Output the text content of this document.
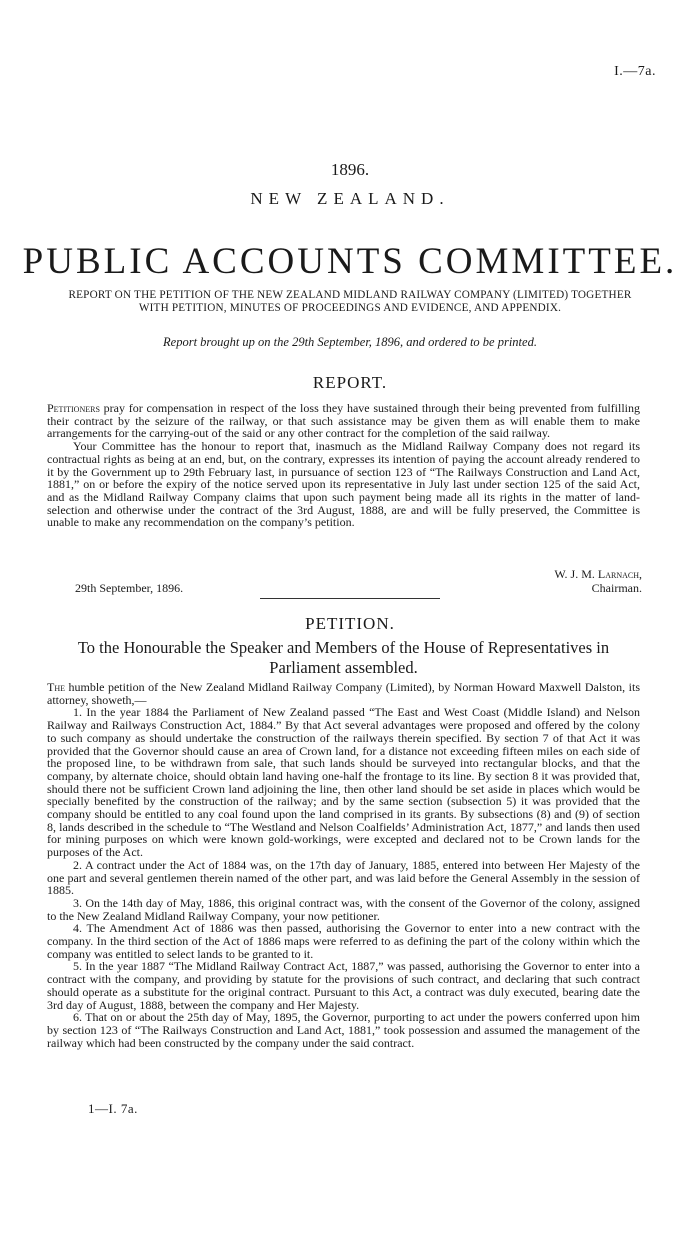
I.—7a.
1896.
NEW ZEALAND.
PUBLIC ACCOUNTS COMMITTEE.
REPORT ON THE PETITION OF THE NEW ZEALAND MIDLAND RAILWAY COMPANY (LIMITED) TOGETHER WITH PETITION, MINUTES OF PROCEEDINGS AND EVIDENCE, AND APPENDIX.
Report brought up on the 29th September, 1896, and ordered to be printed.
REPORT.

Petitioners pray for compensation in respect of the loss they have sustained through their being prevented from fulfilling their contract by the seizure of the railway, or that such assistance may be given them as will enable them to make arrangements for the carrying-out of the said or any other contract for the completion of the said railway.

Your Committee has the honour to report that, inasmuch as the Midland Railway Company does not regard its contractual rights as being at an end, but, on the contrary, expresses its intention of paying the account already rendered to it by the Government up to 29th February last, in pursuance of section 123 of “The Railways Construction and Land Act, 1881,” on or before the expiry of the notice served upon its representative in July last under section 125 of the said Act, and as the Midland Railway Company claims that upon such payment being made all its rights in the matter of land-selection and otherwise under the contract of the 3rd August, 1888, are and will be fully preserved, the Committee is unable to make any recommendation on the company’s petition.

W. J. M. Larnach,
29th September, 1896.	Chairman.
PETITION.
To the Honourable the Speaker and Members of the House of Representatives in Parliament assembled.

The humble petition of the New Zealand Midland Railway Company (Limited), by Norman Howard Maxwell Dalston, its attorney, showeth,—

1. In the year 1884 the Parliament of New Zealand passed “The East and West Coast (Middle Island) and Nelson Railway and Railways Construction Act, 1884.” By that Act several advantages were proposed and offered by the colony to such company as should undertake the construction of the railways therein specified. By section 7 of that Act it was provided that the Governor should cause an area of Crown land, for a distance not exceeding fifteen miles on each side of the proposed line, to be withdrawn from sale, that such lands should be surveyed into rectangular blocks, and that the company, by alternate choice, should obtain land having one-half the frontage to its line. By section 8 it was provided that, should there not be sufficient Crown land adjoining the line, then other land should be set aside in places which would be specially benefited by the construction of the railway; and by the same section (subsection 5) it was provided that the company should be entitled to any coal found upon the land comprised in its grants. By subsections (8) and (9) of section 8, lands described in the schedule to “The Westland and Nelson Coalfields’ Administration Act, 1877,” and lands then used for mining purposes on which were known gold-workings, were excepted and declared not to be Crown lands for the purposes of the Act.

2. A contract under the Act of 1884 was, on the 17th day of January, 1885, entered into between Her Majesty of the one part and several gentlemen therein named of the other part, and was laid before the General Assembly in the session of 1885.

3. On the 14th day of May, 1886, this original contract was, with the consent of the Governor of the colony, assigned to the New Zealand Midland Railway Company, your now petitioner.

4. The Amendment Act of 1886 was then passed, authorising the Governor to enter into a new contract with the company. In the third section of the Act of 1886 maps were referred to as defining the part of the colony within which the company was entitled to select lands to be granted to it.

5. In the year 1887 “The Midland Railway Contract Act, 1887,” was passed, authorising the Governor to enter into a contract with the company, and providing by statute for the provisions of such contract, and declaring that such contract should operate as a substitute for the original contract. Pursuant to this Act, a contract was duly executed, bearing date the 3rd day of August, 1888, between the company and Her Majesty.

6. That on or about the 25th day of May, 1895, the Governor, purporting to act under the powers conferred upon him by section 123 of “The Railways Construction and Land Act, 1881,” took possession and assumed the management of the railway which had been constructed by the company under the said contract.

1—I. 7a.
